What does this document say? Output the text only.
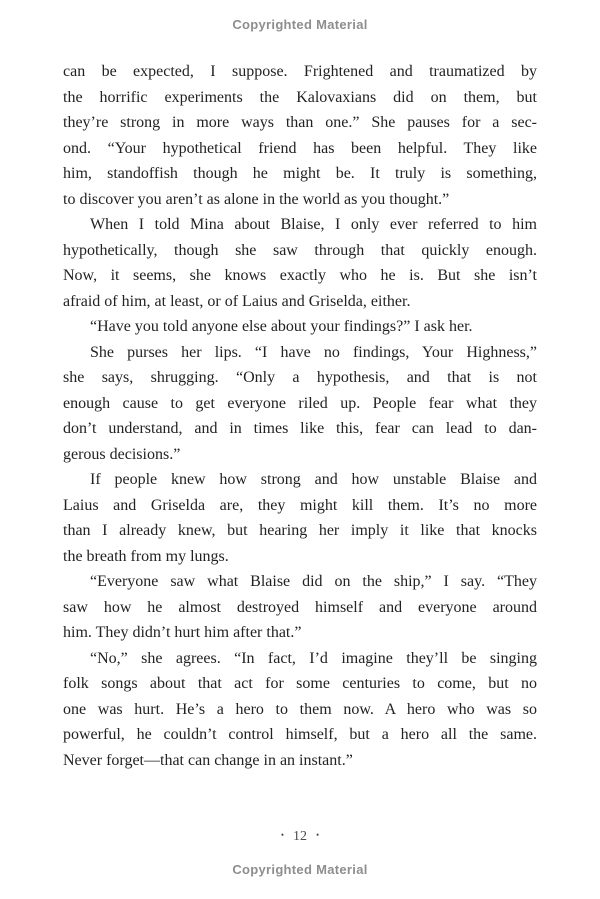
Copyrighted Material
can be expected, I suppose. Frightened and traumatized by
the horrific experiments the Kalovaxians did on them, but
they’re strong in more ways than one.” She pauses for a sec-
ond. “Your hypothetical friend has been helpful. They like
him, standoffish though he might be. It truly is something,
to discover you aren’t as alone in the world as you thought.”
When I told Mina about Blaise, I only ever referred to him
hypothetically, though she saw through that quickly enough.
Now, it seems, she knows exactly who he is. But she isn’t
afraid of him, at least, or of Laius and Griselda, either.
“Have you told anyone else about your findings?” I ask her.
She purses her lips. “I have no findings, Your Highness,”
she says, shrugging. “Only a hypothesis, and that is not
enough cause to get everyone riled up. People fear what they
don’t understand, and in times like this, fear can lead to dan-
gerous decisions.”
If people knew how strong and how unstable Blaise and
Laius and Griselda are, they might kill them. It’s no more
than I already knew, but hearing her imply it like that knocks
the breath from my lungs.
“Everyone saw what Blaise did on the ship,” I say. “They
saw how he almost destroyed himself and everyone around
him. They didn’t hurt him after that.”
“No,” she agrees. “In fact, I’d imagine they’ll be singing
folk songs about that act for some centuries to come, but no
one was hurt. He’s a hero to them now. A hero who was so
powerful, he couldn’t control himself, but a hero all the same.
Never forget—that can change in an instant.”
• 12 •
Copyrighted Material
